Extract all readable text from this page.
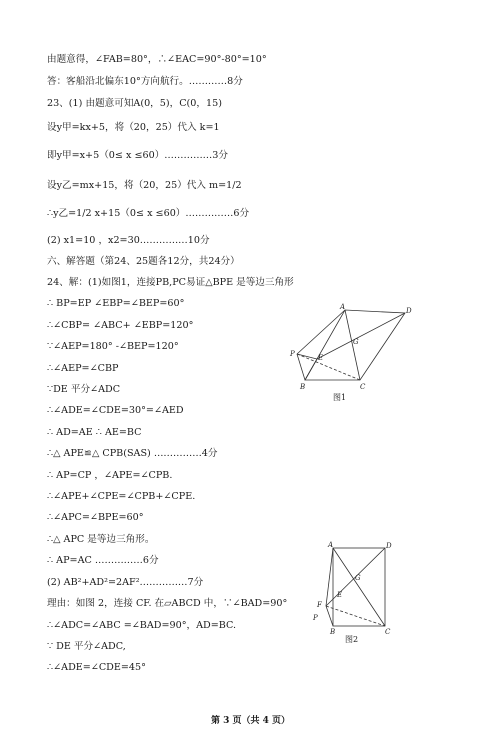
由题意得，∠FAB=80°，∴∠EAC=90°-80°=10°
答：客船沿北偏东10°方向航行。…………8分
23、(1) 由题意可知A(0，5)，C(0，15)
设y甲=kx+5，将（20，25）代入 k=1
即y甲=x+5（0≤ x ≤60）……………3分
设y乙=mx+15，将（20，25）代入 m=1/2
∴y乙=1/2 x+15（0≤ x ≤60）……………6分
(2) x1=10 ，x2=30……………10分
六、解答题（第24、25题各12分，共24分）
24、解：(1)如图1，连接PB,PC易证△BPE 是等边三角形
∴ BP=EP ∠EBP=∠BEP=60°
∴∠CBP= ∠ABC+ ∠EBP=120°
∵∠AEP=180° -∠BEP=120°
∴∠AEP=∠CBP
∵DE 平分∠ADC
∴∠ADE=∠CDE=30°=∠AED
∴ AD=AE ∴ AE=BC
∴△ APE≌△ CPB(SAS) ……………4分
∴ AP=CP ，∠APE=∠CPB.
∴∠APE+∠CPE=∠CPB+∠CPE.
∴∠APC=∠BPE=60°
∴△ APC 是等边三角形。
∴ AP=AC ……………6分
(2) AB²+AD²=2AF²……………7分
理由：如图 2，连接 CF. 在▱ABCD 中，∵∠BAD=90°
∴∠ADC=∠ABC =∠BAD=90°，AD=BC.
∵ DE 平分∠ADC,
∴∠ADE=∠CDE=45°
A	D
G
P	E
B	C
图1
A	D
G
E
F
P
B	C
图2
第 3 页（共 4 页）
